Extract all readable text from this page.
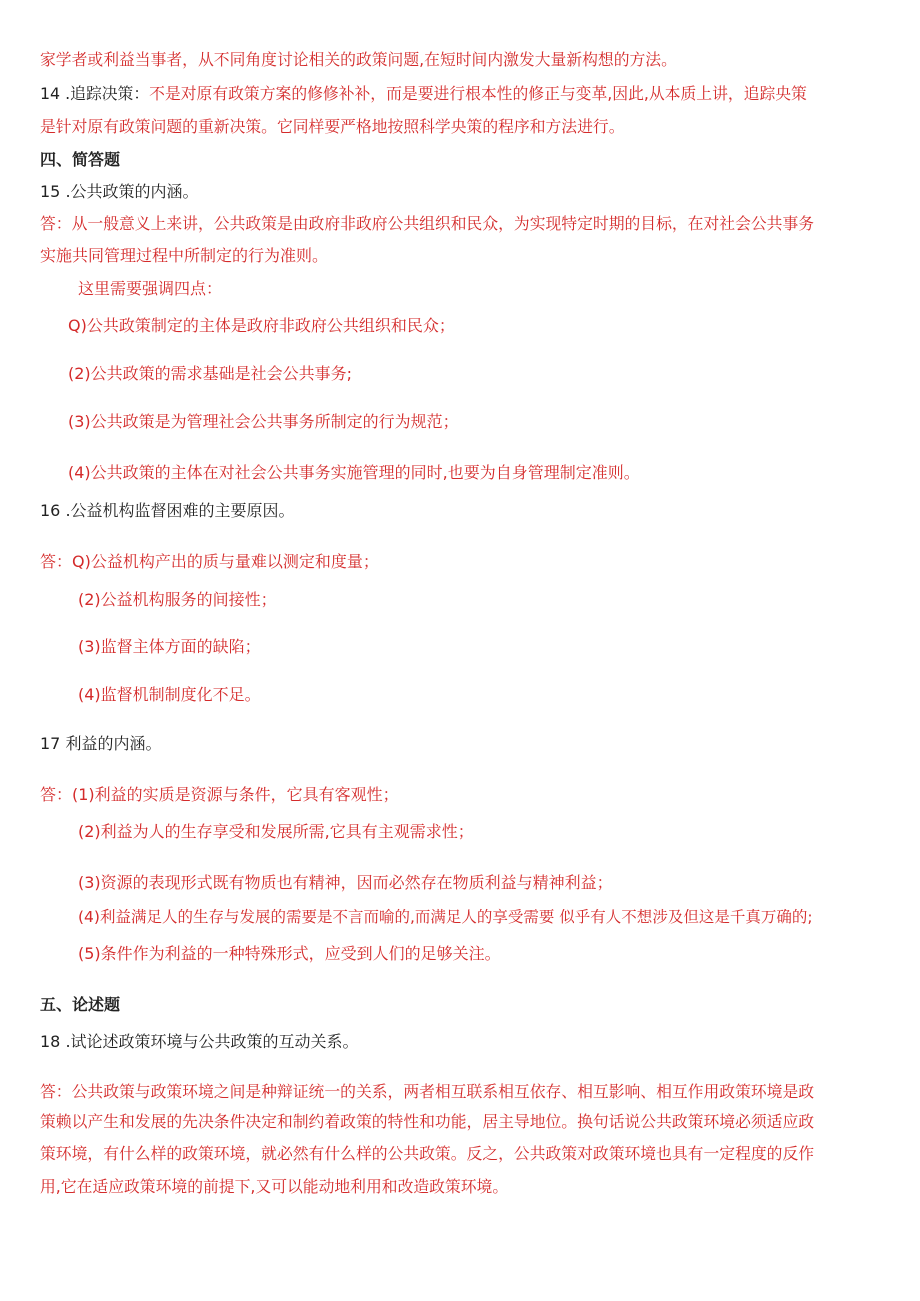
家学者或利益当事者，从不同角度讨论相关的政策问题,在短时间内激发大量新构想的方法。
14 .追踪决策：不是对原有政策方案的修修补补，而是要进行根本性的修正与变革,因此,从本质上讲，追踪央策
是针对原有政策问题的重新决策。它同样要严格地按照科学央策的程序和方法进行。
四、简答题
15 .公共政策的内涵。
答：从一般意义上来讲，公共政策是由政府非政府公共组织和民众，为实现特定时期的目标，在对社会公共事务
实施共同管理过程中所制定的行为准则。
这里需要强调四点：
Q)公共政策制定的主体是政府非政府公共组织和民众；
(2)公共政策的需求基础是社会公共事务;
(3)公共政策是为管理社会公共事务所制定的行为规范；
(4)公共政策的主体在对社会公共事务实施管理的同时,也要为自身管理制定准则。
16 .公益机构监督困难的主要原因。
答：Q)公益机构产出的质与量难以测定和度量；
(2)公益机构服务的间接性；
(3)监督主体方面的缺陷；
(4)监督机制制度化不足。
17 利益的内涵。
答：(1)利益的实质是资源与条件，它具有客观性；
(2)利益为人的生存享受和发展所需,它具有主观需求性；
(3)资源的表现形式既有物质也有精神，因而必然存在物质利益与精神利益；
(4)利益满足人的生存与发展的需要是不言而喻的,而满足人的享受需要 似乎有人不想涉及但这是千真万确的;
(5)条件作为利益的一种特殊形式，应受到人们的足够关注。
五、论述题
18 .试论述政策环境与公共政策的互动关系。
答：公共政策与政策环境之间是种辩证统一的关系，两者相互联系相互依存、相互影响、相互作用政策环境是政
策赖以产生和发展的先决条件决定和制约着政策的特性和功能，居主导地位。换句话说公共政策环境必须适应政
策环境，有什么样的政策环境，就必然有什么样的公共政策。反之，公共政策对政策环境也具有一定程度的反作
用,它在适应政策环境的前提下,又可以能动地利用和改造政策环境。
